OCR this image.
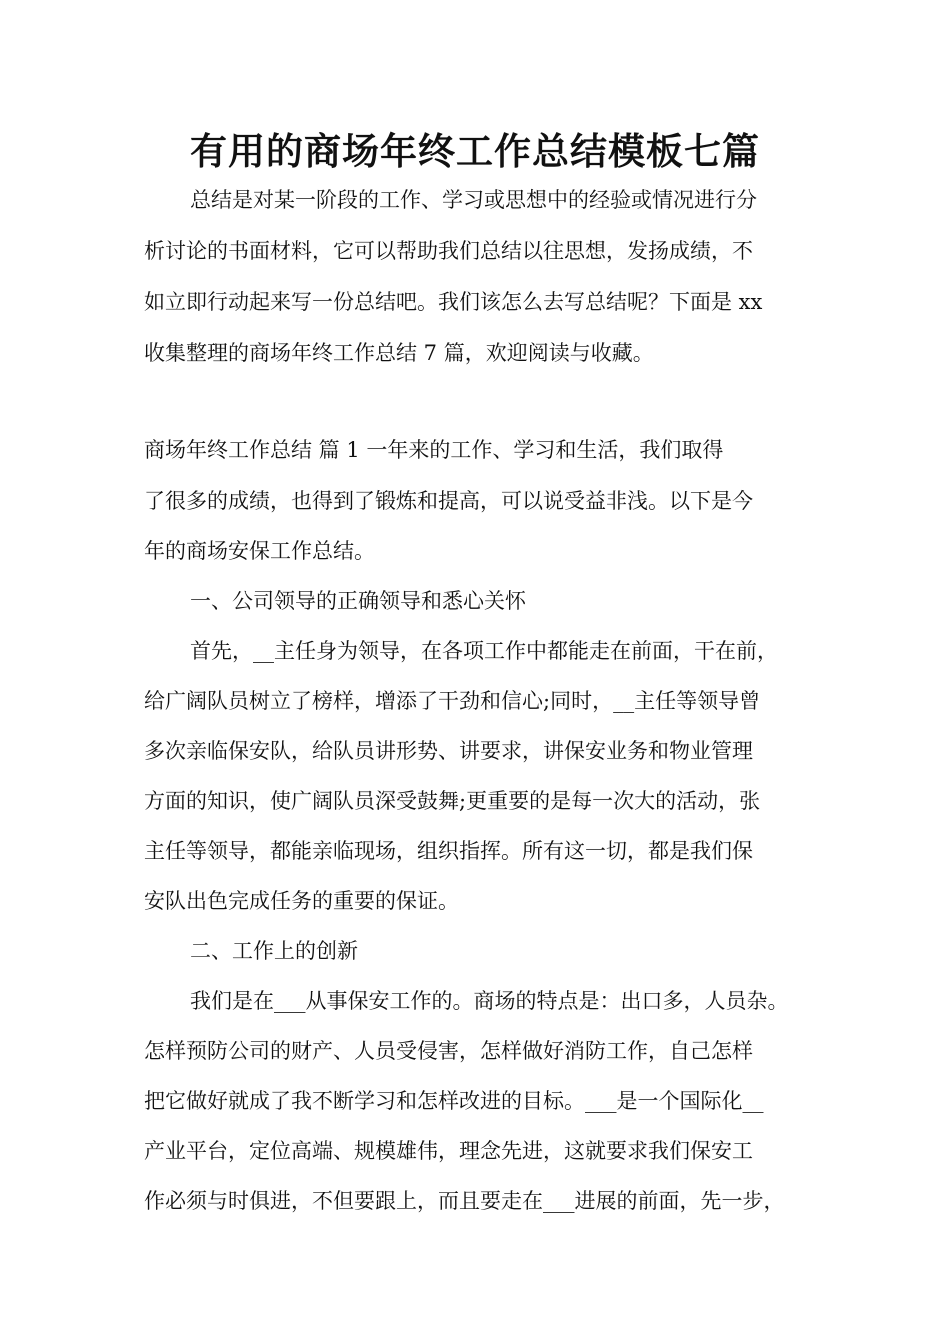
有用的商场年终工作总结模板七篇
总结是对某一阶段的工作、学习或思想中的经验或情况进行分
析讨论的书面材料，它可以帮助我们总结以往思想，发扬成绩，不
如立即行动起来写一份总结吧。我们该怎么去写总结呢？下面是 xx
收集整理的商场年终工作总结 7 篇，欢迎阅读与收藏。
商场年终工作总结 篇 1 一年来的工作、学习和生活，我们取得
了很多的成绩，也得到了锻炼和提高，可以说受益非浅。以下是今
年的商场安保工作总结。
一、公司领导的正确领导和悉心关怀
首先，__主任身为领导，在各项工作中都能走在前面，干在前，
给广阔队员树立了榜样，增添了干劲和信心;同时，__主任等领导曾
多次亲临保安队，给队员讲形势、讲要求，讲保安业务和物业管理
方面的知识，使广阔队员深受鼓舞;更重要的是每一次大的活动，张
主任等领导，都能亲临现场，组织指挥。所有这一切，都是我们保
安队出色完成任务的重要的保证。
二、工作上的创新
我们是在___从事保安工作的。商场的特点是：出口多，人员杂。
怎样预防公司的财产、人员受侵害，怎样做好消防工作，自己怎样
把它做好就成了我不断学习和怎样改进的目标。___是一个国际化__
产业平台，定位高端、规模雄伟，理念先进，这就要求我们保安工
作必须与时俱进，不但要跟上，而且要走在___进展的前面，先一步，
